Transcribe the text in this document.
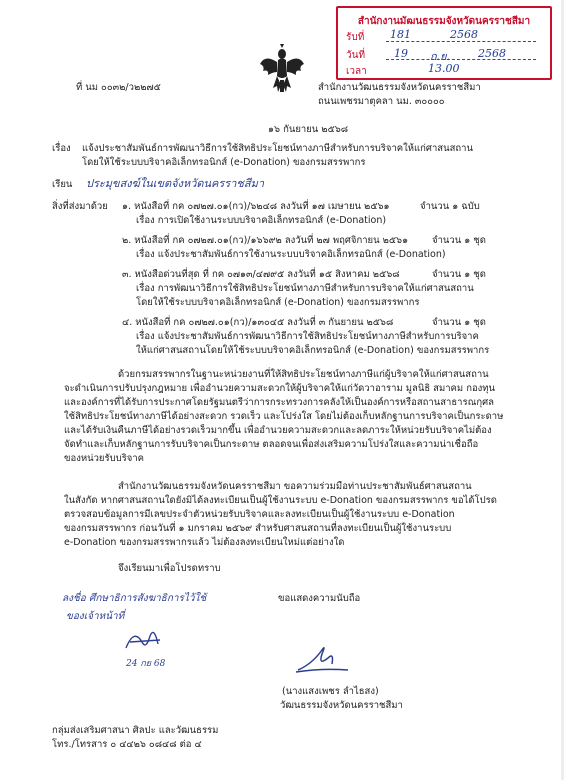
สำนักงานมัฒนธรรมจังหวัดนครราชสีมา
รับที่ 181	2568
วันที่	19 ก.ย.	2568
เวลา	13.00
ที่ นม ๐๐๓๒/ว๒๒๗๕	สำนักงานวัฒนธรรมจังหวัดนครราชสีมา
ถนนเพชรมาตุคลา นม. ๓๐๐๐๐
๑๖ กันยายน ๒๕๖๘
เรื่อง แจ้งประชาสัมพันธ์การพัฒนาวิธีการใช้สิทธิประโยชน์ทางภาษีสำหรับการบริจาคให้แก่ศาสนสถาน
โดยให้ใช้ระบบบริจาคอิเล็กทรอนิกส์ (e-Donation) ของกรมสรรพากร
เรียน ประมุขสงฆ์ในเขตจังหวัดนครราชสีมา
สิ่งที่ส่งมาด้วย ๑. หนังสือที่ กค ๐๗๒๗.๐๑(กว)/๖๒๔๘ ลงวันที่ ๑๗ เมษายน ๒๕๖๑	จำนวน ๑ ฉบับ
เรื่อง การเปิดใช้งานระบบบริจาคอิเล็กทรอนิกส์ (e-Donation)
๒. หนังสือที่ กค ๐๗๒๗.๐๑(กว)/๑๖๖๙๒ ลงวันที่ ๒๗ พฤศจิกายน ๒๕๖๑	จำนวน ๑ ชุด
เรื่อง แจ้งประชาสัมพันธ์การใช้งานระบบบริจาคอิเล็กทรอนิกส์ (e-Donation)
๓. หนังสือด่วนที่สุด ที่ กค ๐๗๑๓/๔๗๙๕ ลงวันที่ ๑๕ สิงหาคม ๒๕๖๘	จำนวน ๑ ชุด
เรื่อง การพัฒนาวิธีการใช้สิทธิประโยชน์ทางภาษีสำหรับการบริจาคให้แก่ศาสนสถาน
โดยให้ใช้ระบบบริจาคอิเล็กทรอนิกส์ (e-Donation) ของกรมสรรพากร
๔. หนังสือที่ กค ๐๗๒๗.๐๑(กว)/๑๓๐๔๕ ลงวันที่ ๓ กันยายน ๒๕๖๘	จำนวน ๑ ชุด
เรื่อง แจ้งประชาสัมพันธ์การพัฒนาวิธีการใช้สิทธิประโยชน์ทางภาษีสำหรับการบริจาค
ให้แก่ศาสนสถานโดยให้ใช้ระบบบริจาคอิเล็กทรอนิกส์ (e-Donation) ของกรมสรรพากร
ด้วยกรมสรรพากรในฐานะหน่วยงานที่ให้สิทธิประโยชน์ทางภาษีแก่ผู้บริจาคให้แก่ศาสนสถาน
จะดำเนินการปรับปรุงกฎหมาย เพื่ออำนวยความสะดวกให้ผู้บริจาคให้แก่วัดวาอาราม มูลนิธิ สมาคม กองทุน
และองค์การที่ได้รับการประกาศโดยรัฐมนตรีว่าการกระทรวงการคลังให้เป็นองค์การหรือสถานสาธารณกุศล
ใช้สิทธิประโยชน์ทางภาษีได้อย่างสะดวก รวดเร็ว และโปร่งใส โดยไม่ต้องเก็บหลักฐานการบริจาคเป็นกระดาษ
และได้รับเงินคืนภาษีได้อย่างรวดเร็วมากขึ้น เพื่ออำนวยความสะดวกและลดภาระให้หน่วยรับบริจาคไม่ต้อง
จัดทำและเก็บหลักฐานการรับบริจาคเป็นกระดาษ ตลอดจนเพื่อส่งเสริมความโปร่งใสและความน่าเชื่อถือ
ของหน่วยรับบริจาค
สำนักงานวัฒนธรรมจังหวัดนครราชสีมา ขอความร่วมมือท่านประชาสัมพันธ์ศาสนสถาน
ในสังกัด หากศาสนสถานใดยังมิได้ลงทะเบียนเป็นผู้ใช้งานระบบ e-Donation ของกรมสรรพากร ขอได้โปรด
ตรวจสอบข้อมูลการมีเลขประจำตัวหน่วยรับบริจาคและลงทะเบียนเป็นผู้ใช้งานระบบ e-Donation
ของกรมสรรพากร ก่อนวันที่ ๑ มกราคม ๒๕๖๙ สำหรับศาสนสถานที่ลงทะเบียนเป็นผู้ใช้งานระบบ
e-Donation ของกรมสรรพากรแล้ว ไม่ต้องลงทะเบียนใหม่แต่อย่างใด
จึงเรียนมาเพื่อโปรดทราบ
ลงชื่อ ศึกษาธิการสังฆาธิการไว้ใช้
ของเจ้าหน้าที่
24 กย 68
ขอแสดงความนับถือ
(นางแสงเพชร ลำไธสง)
วัฒนธรรมจังหวัดนครราชสีมา
กลุ่มส่งเสริมศาสนา ศิลปะ และวัฒนธรรม
โทร./โทรสาร ๐ ๔๔๒๖ ๐๘๔๘ ต่อ ๔
